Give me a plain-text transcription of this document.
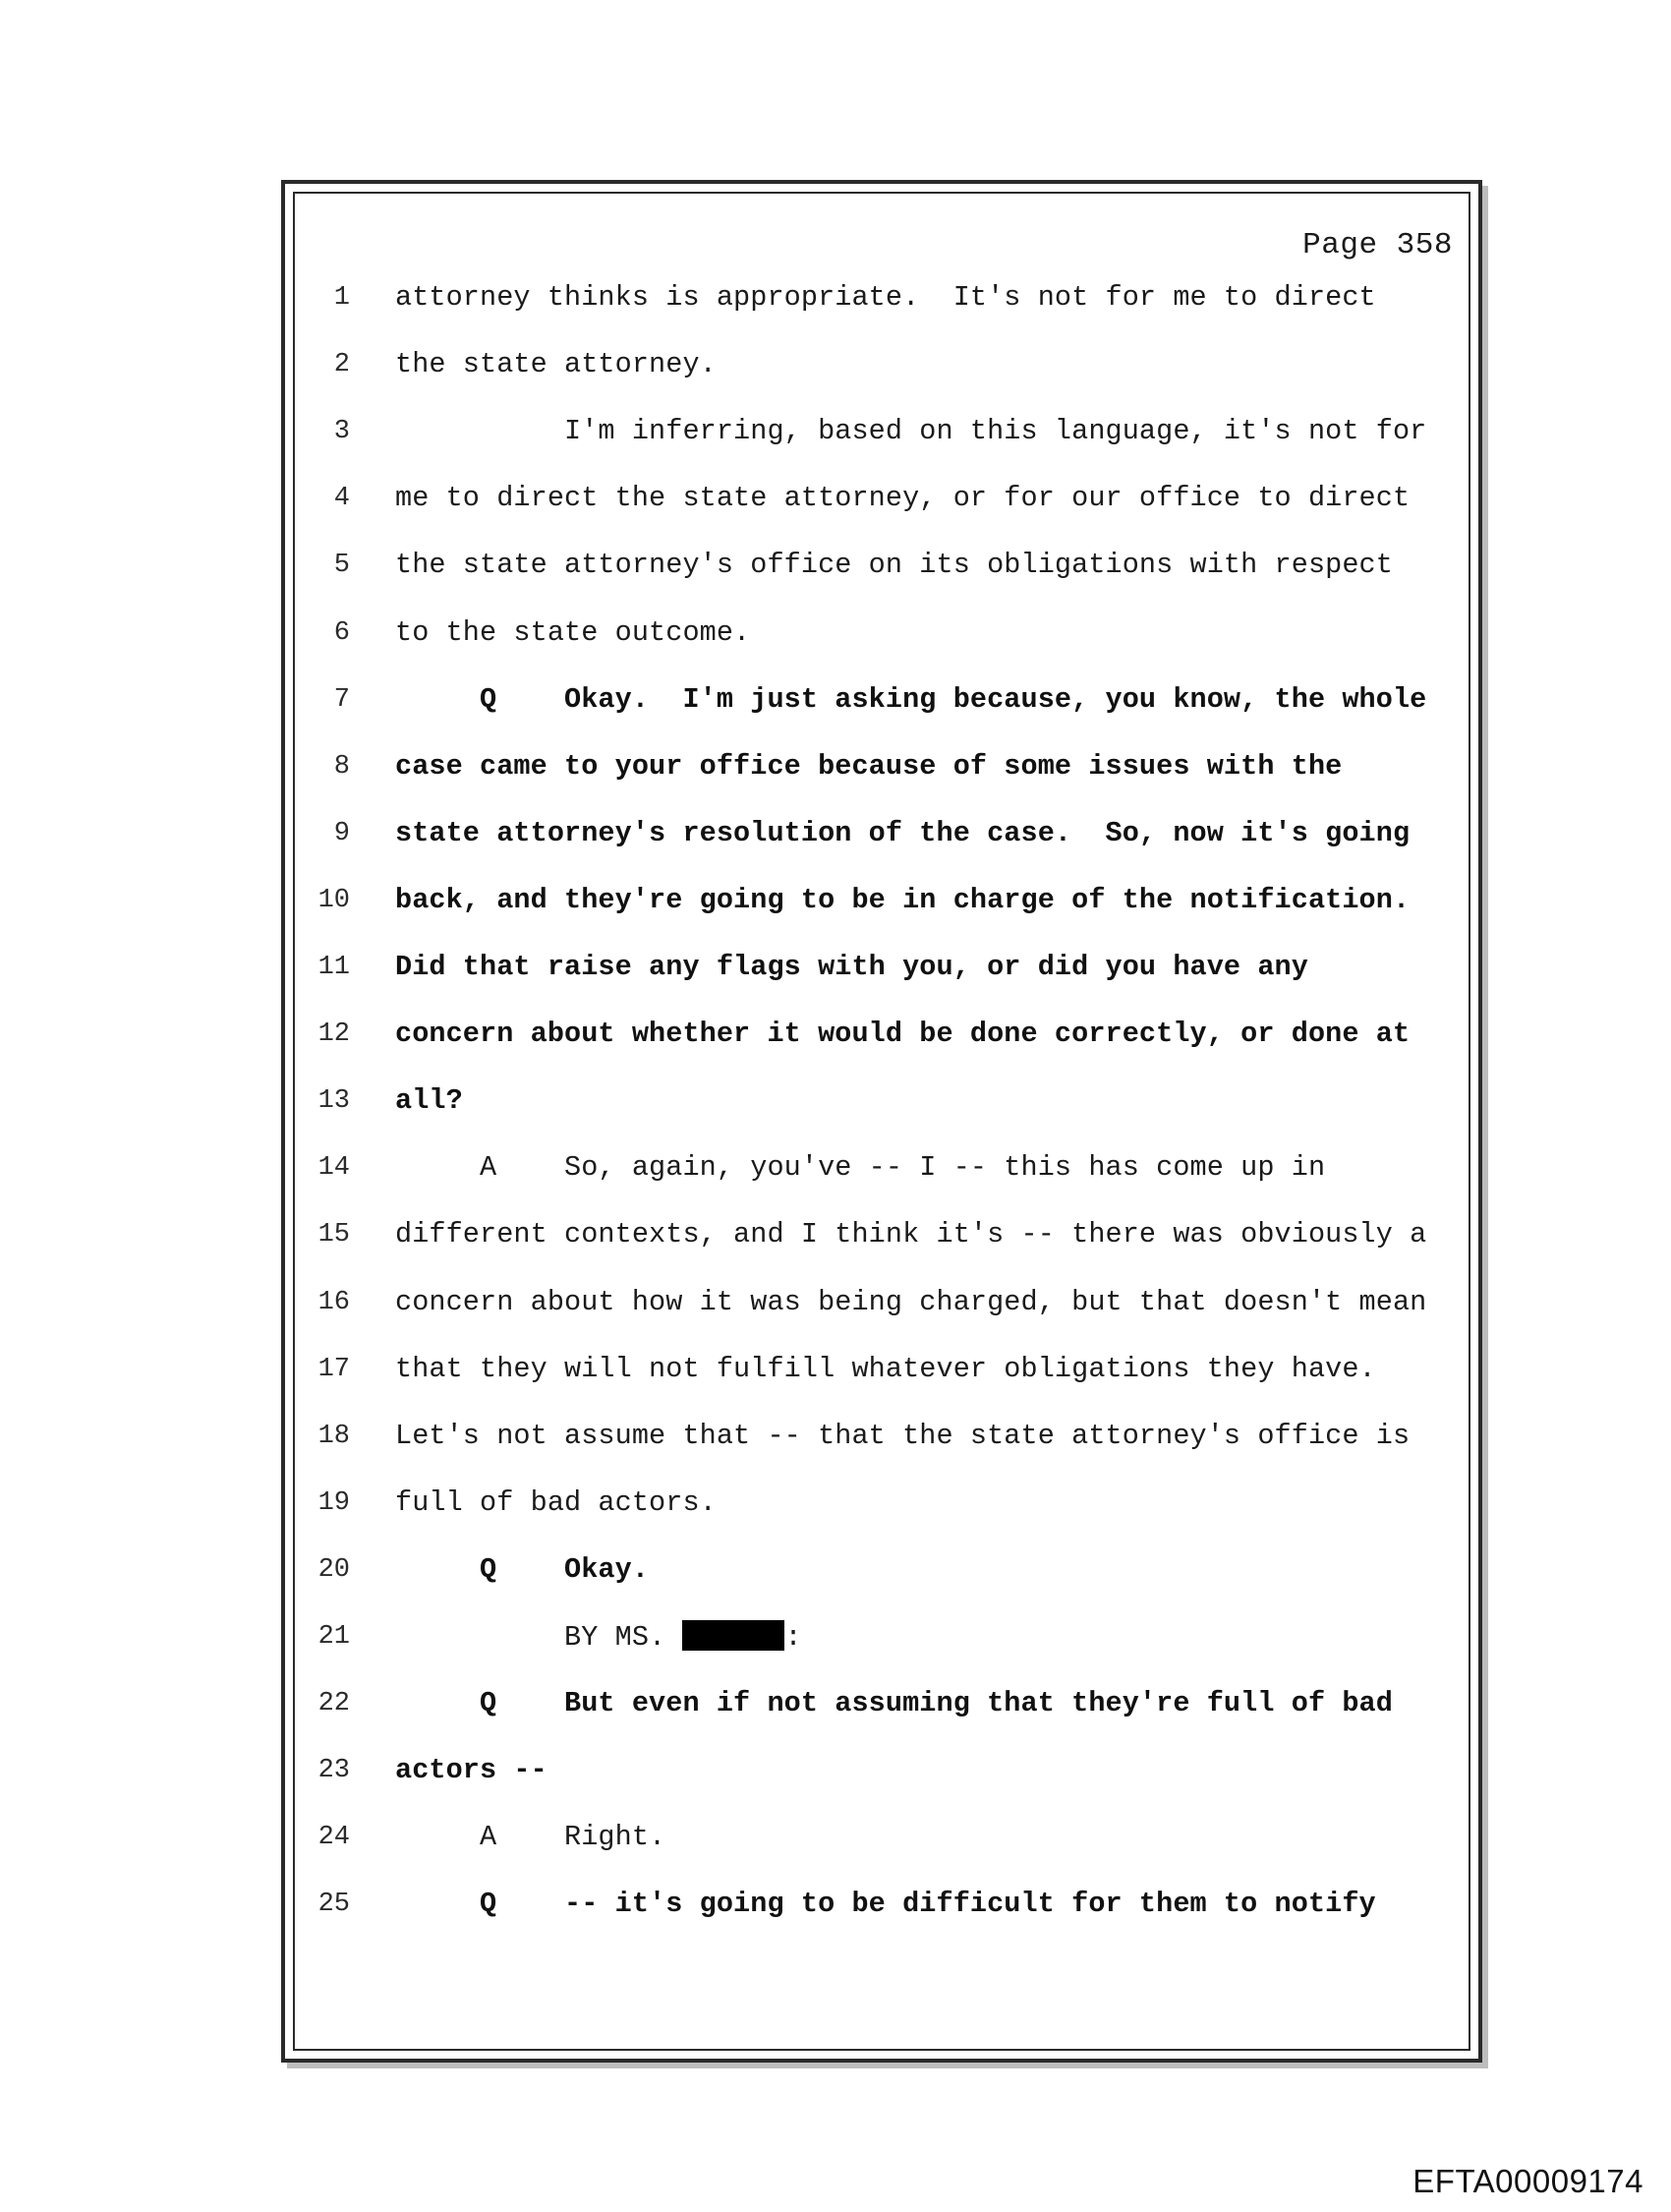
Page 358
1 attorney thinks is appropriate.  It's not for me to direct
2 the state attorney.
3 I'm inferring, based on this language, it's not for
4 me to direct the state attorney, or for our office to direct
5 the state attorney's office on its obligations with respect
6 to the state outcome.
7 Q    Okay.  I'm just asking because, you know, the whole
8 case came to your office because of some issues with the
9 state attorney's resolution of the case.  So, now it's going
10 back, and they're going to be in charge of the notification.
11 Did that raise any flags with you, or did you have any
12 concern about whether it would be done correctly, or done at
13 all?
14 A    So, again, you've -- I -- this has come up in
15 different contexts, and I think it's -- there was obviously a
16 concern about how it was being charged, but that doesn't mean
17 that they will not fulfill whatever obligations they have.
18 Let's not assume that -- that the state attorney's office is
19 full of bad actors.
20 Q    Okay.
21 BY MS.	:
22 Q    But even if not assuming that they're full of bad
23 actors --
24 A    Right.
25 Q    -- it's going to be difficult for them to notify
EFTA00009174
